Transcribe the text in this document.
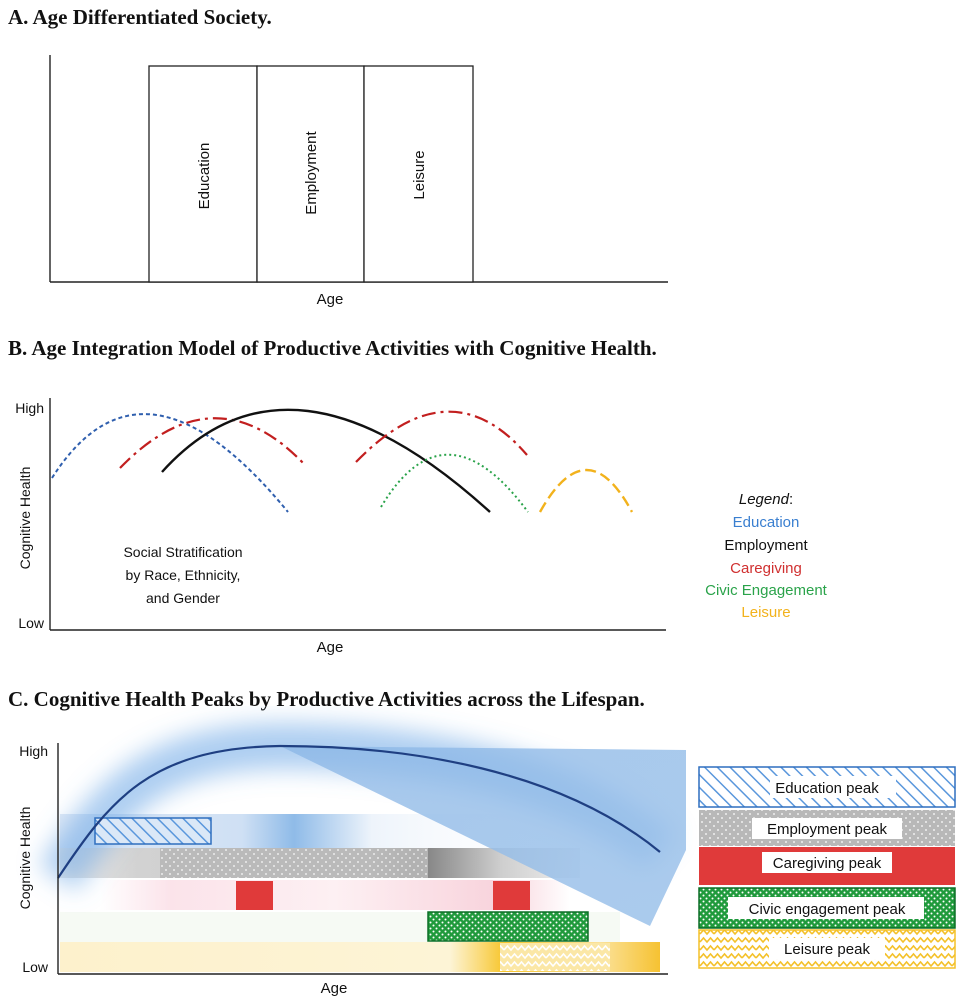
A. Age Differentiated Society.
Education	Employment	Leisure
Age
B. Age Integration Model of Productive Activities with Cognitive Health.
High
Low
Cognitive Health
Age
Social Stratification
by Race, Ethnicity,
and Gender
Legend:
Education
Employment
Caregiving
Civic Engagement
Leisure
C. Cognitive Health Peaks by Productive Activities across the Lifespan.
High
Low
Cognitive Health
Age
Education peak
Employment peak
Caregiving peak
Civic engagement peak
Leisure peak
